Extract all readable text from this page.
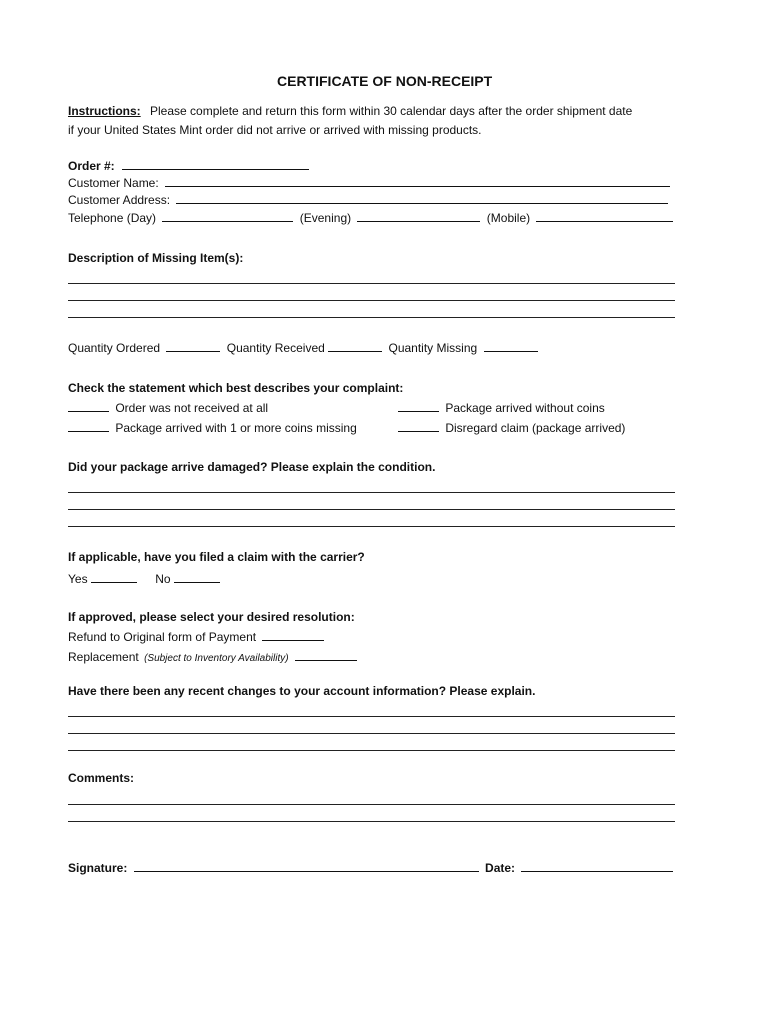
CERTIFICATE OF NON-RECEIPT
Instructions: Please complete and return this form within 30 calendar days after the order shipment date
if your United States Mint order did not arrive or arrived with missing products.
Order #:
Customer Name:
Customer Address:
Telephone (Day)	(Evening)	(Mobile)
Description of Missing Item(s):
Quantity Ordered	Quantity Received	Quantity Missing
Check the statement which best describes your complaint:
Order was not received at all
Package arrived with 1 or more coins missing
Package arrived without coins
Disregard claim (package arrived)
Did your package arrive damaged? Please explain the condition.
If applicable, have you filed a claim with the carrier?
Yes	No
If approved, please select your desired resolution:
Refund to Original form of Payment
Replacement (Subject to Inventory Availability)
Have there been any recent changes to your account information? Please explain.
Comments:
Signature:	Date:
